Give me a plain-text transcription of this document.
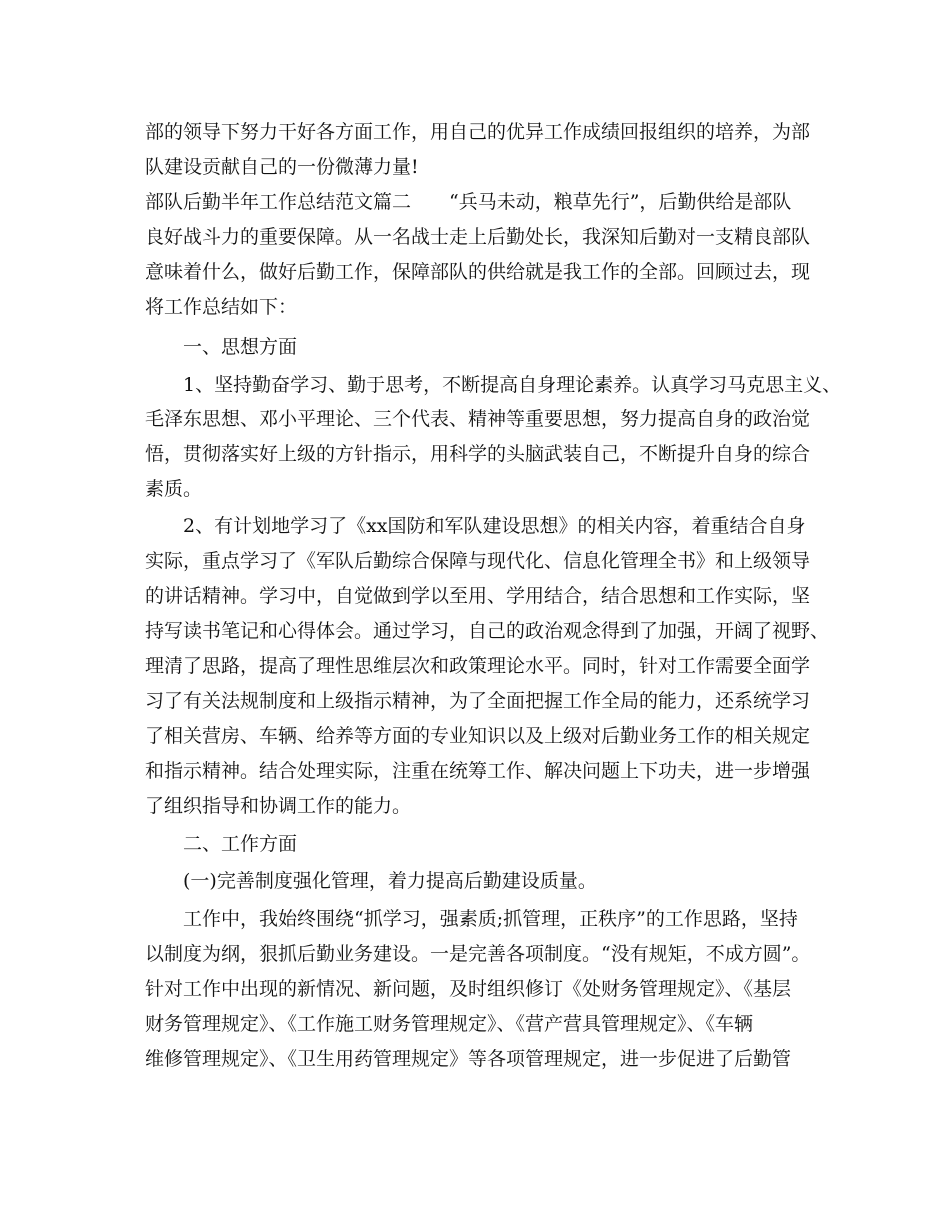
部的领导下努力干好各方面工作，用自己的优异工作成绩回报组织的培养，为部

队建设贡献自己的一份微薄力量!

部队后勤半年工作总结范文篇二　　“兵马未动，粮草先行”，后勤供给是部队

良好战斗力的重要保障。从一名战士走上后勤处长，我深知后勤对一支精良部队

意味着什么，做好后勤工作，保障部队的供给就是我工作的全部。回顾过去，现

将工作总结如下：

一、思想方面

1、坚持勤奋学习、勤于思考，不断提高自身理论素养。认真学习马克思主义、

毛泽东思想、邓小平理论、三个代表、精神等重要思想，努力提高自身的政治觉

悟，贯彻落实好上级的方针指示，用科学的头脑武装自己，不断提升自身的综合

素质。

2、有计划地学习了《xx国防和军队建设思想》的相关内容，着重结合自身

实际，重点学习了《军队后勤综合保障与现代化、信息化管理全书》和上级领导

的讲话精神。学习中，自觉做到学以至用、学用结合，结合思想和工作实际，坚

持写读书笔记和心得体会。通过学习，自己的政治观念得到了加强，开阔了视野、

理清了思路，提高了理性思维层次和政策理论水平。同时，针对工作需要全面学

习了有关法规制度和上级指示精神，为了全面把握工作全局的能力，还系统学习

了相关营房、车辆、给养等方面的专业知识以及上级对后勤业务工作的相关规定

和指示精神。结合处理实际，注重在统筹工作、解决问题上下功夫，进一步增强

了组织指导和协调工作的能力。

二、工作方面

(一)完善制度强化管理，着力提高后勤建设质量。

工作中，我始终围绕“抓学习，强素质;抓管理，正秩序”的工作思路，坚持

以制度为纲，狠抓后勤业务建设。一是完善各项制度。“没有规矩，不成方圆”。

针对工作中出现的新情况、新问题，及时组织修订《处财务管理规定》、《基层

财务管理规定》、《工作施工财务管理规定》、《营产营具管理规定》、《车辆

维修管理规定》、《卫生用药管理规定》等各项管理规定，进一步促进了后勤管
